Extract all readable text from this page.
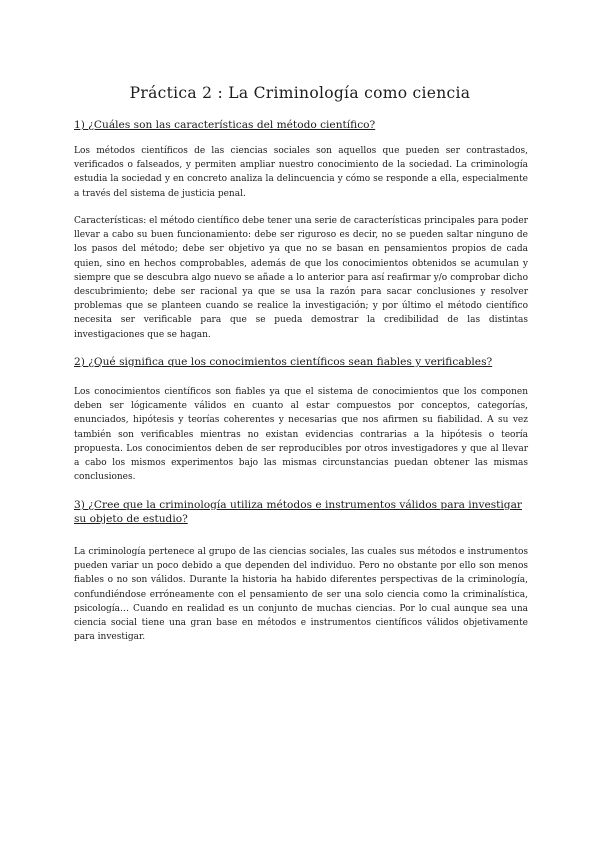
Práctica 2 : La Criminología como ciencia
1) ¿Cuáles son las características del método científico?

Los métodos científicos de las ciencias sociales son aquellos que pueden ser contrastados, verificados o falseados, y permiten ampliar nuestro conocimiento de la sociedad. La criminología estudia la sociedad y en concreto analiza la delincuencia y cómo se responde a ella, especialmente a través del sistema de justicia penal.

Características: el método científico debe tener una serie de características principales para poder llevar a cabo su buen funcionamiento: debe ser riguroso es decir, no se pueden saltar ninguno de los pasos del método; debe ser objetivo ya que no se basan en pensamientos propios de cada quien, sino en hechos comprobables, además de que los conocimientos obtenidos se acumulan y siempre que se descubra algo nuevo se añade a lo anterior para así reafirmar y/o comprobar dicho descubrimiento; debe ser racional ya que se usa la razón para sacar conclusiones y resolver problemas que se planteen cuando se realice la investigación; y por último el método científico necesita ser verificable para que se pueda demostrar la credibilidad de las distintas investigaciones que se hagan.

2) ¿Qué significa que los conocimientos científicos sean fiables y verificables?

Los conocimientos científicos son fiables ya que el sistema de conocimientos que los componen deben ser lógicamente válidos en cuanto al estar compuestos por conceptos, categorías, enunciados, hipótesis y teorías coherentes y necesarias que nos afirmen su fiabilidad. A su vez también son verificables mientras no existan evidencias contrarias a la hipótesis o teoría propuesta. Los conocimientos deben de ser reproducibles por otros investigadores y que al llevar a cabo los mismos experimentos bajo las mismas circunstancias puedan obtener las mismas conclusiones.

3) ¿Cree que la criminología utiliza métodos e instrumentos válidos para investigar su objeto de estudio?

La criminología pertenece al grupo de las ciencias sociales, las cuales sus métodos e instrumentos pueden variar un poco debido a que dependen del individuo. Pero no obstante por ello son menos fiables o no son válidos. Durante la historia ha habido diferentes perspectivas de la criminología, confundiéndose erróneamente con el pensamiento de ser una solo ciencia como la criminalística, psicología… Cuando en realidad es un conjunto de muchas ciencias. Por lo cual aunque sea una ciencia social tiene una gran base en métodos e instrumentos científicos válidos objetivamente para investigar.
